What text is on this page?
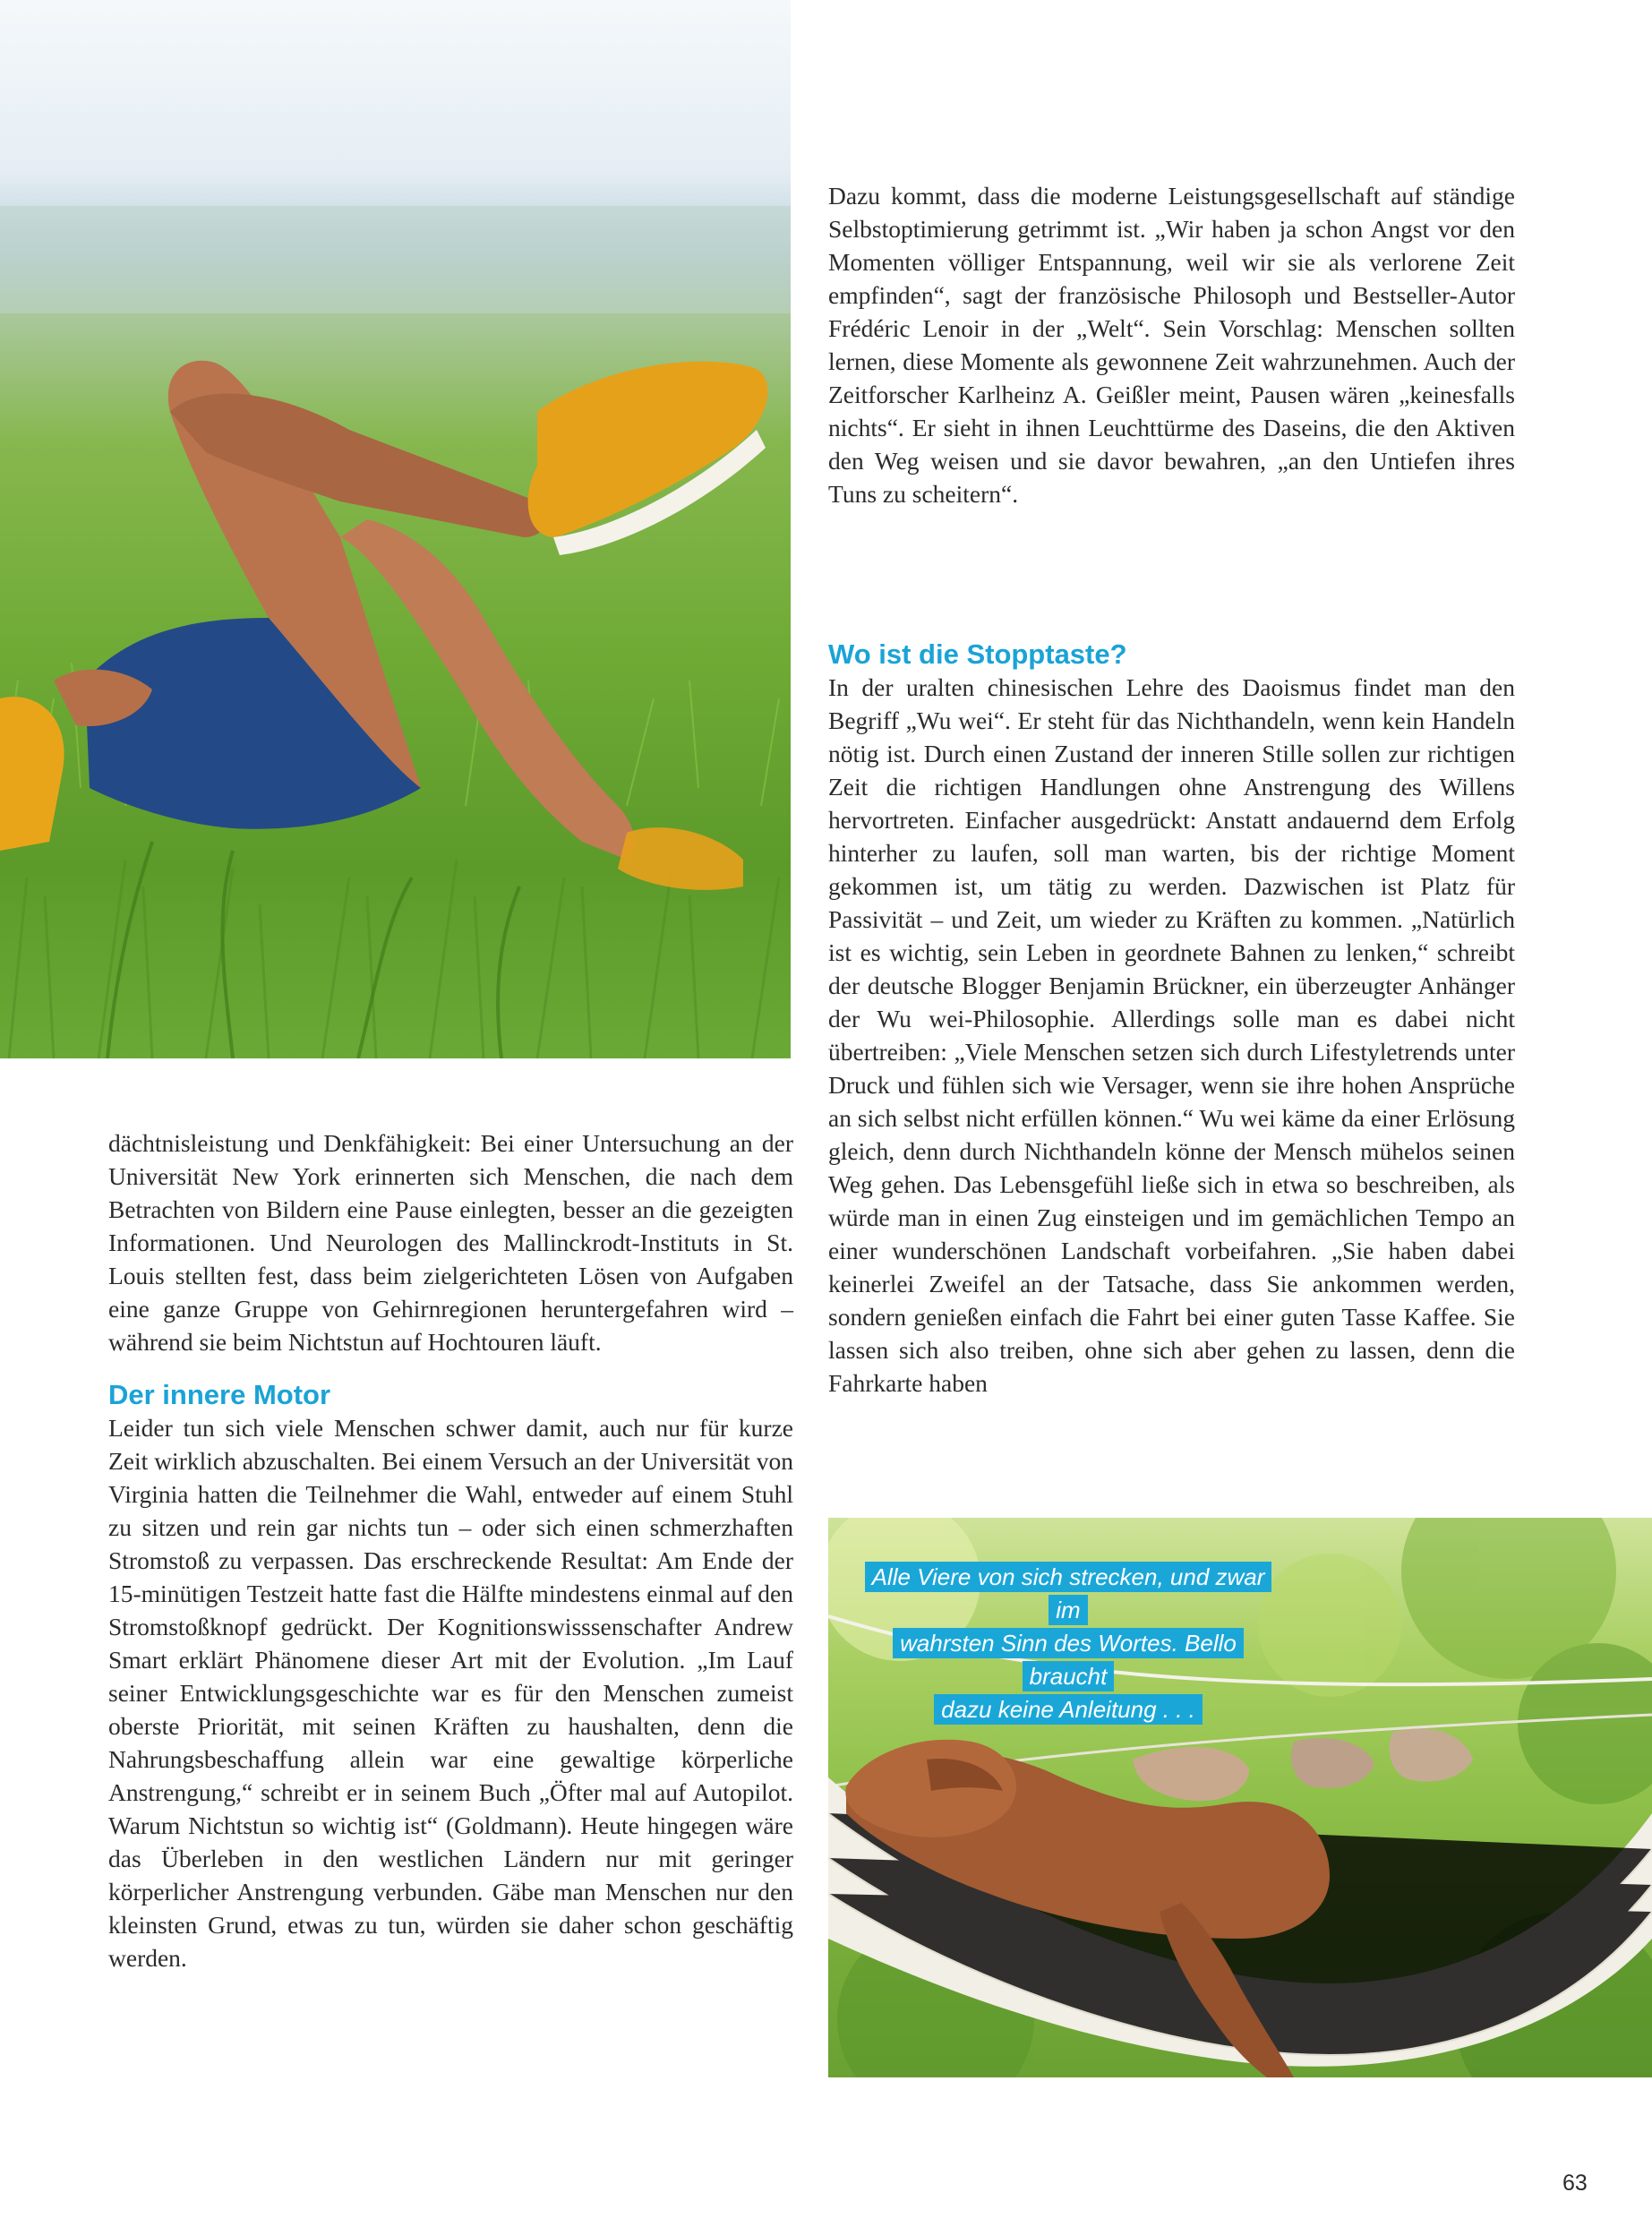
Dazu kommt, dass die moderne Leistungsgesellschaft auf ständige Selbstoptimierung getrimmt ist. „Wir haben ja schon Angst vor den Momenten völliger Entspannung, weil wir sie als verlorene Zeit empfinden“, sagt der französische Philosoph und Bestseller-Autor Frédéric Lenoir in der „Welt“. Sein Vorschlag: Menschen sollten lernen, diese Momente als gewonnene Zeit wahrzunehmen. Auch der Zeitforscher Karlheinz A. Geißler meint, Pausen wären „keinesfalls nichts“. Er sieht in ihnen Leuchttürme des Daseins, die den Aktiven den Weg weisen und sie davor bewahren, „an den Untiefen ihres Tuns zu scheitern“.

Wo ist die Stopptaste?

In der uralten chinesischen Lehre des Daoismus findet man den Begriff „Wu wei“. Er steht für das Nichthandeln, wenn kein Handeln nötig ist. Durch einen Zustand der inneren Stille sollen zur richtigen Zeit die richtigen Handlungen ohne Anstrengung des Willens hervortreten. Einfacher ausgedrückt: Anstatt andauernd dem Erfolg hinterher zu laufen, soll man warten, bis der richtige Moment gekommen ist, um tätig zu werden. Dazwischen ist Platz für Passivität – und Zeit, um wieder zu Kräften zu kommen. „Natürlich ist es wichtig, sein Leben in geordnete Bahnen zu lenken,“ schreibt der deutsche Blogger Benjamin Brückner, ein überzeugter Anhänger der Wu wei-Philosophie. Allerdings solle man es dabei nicht übertreiben: „Viele Menschen setzen sich durch Lifestyletrends unter Druck und fühlen sich wie Versager, wenn sie ihre hohen Ansprüche an sich selbst nicht erfüllen können.“ Wu wei käme da einer Erlösung gleich, denn durch Nichthandeln könne der Mensch mühelos seinen Weg gehen. Das Lebensgefühl ließe sich in etwa so beschreiben, als würde man in einen Zug einsteigen und im gemächlichen Tempo an einer wunderschönen Landschaft vorbeifahren. „Sie haben dabei keinerlei Zweifel an der Tatsache, dass Sie ankommen werden, sondern genießen einfach die Fahrt bei einer guten Tasse Kaffee. Sie lassen sich also treiben, ohne sich aber gehen zu lassen, denn die Fahrkarte haben

dächtnisleistung und Denkfähigkeit: Bei einer Untersuchung an der Universität New York erinnerten sich Menschen, die nach dem Betrachten von Bildern eine Pause einlegten, besser an die gezeigten Informationen. Und Neurologen des Mallinckrodt-Instituts in St. Louis stellten fest, dass beim zielgerichteten Lösen von Aufgaben eine ganze Gruppe von Gehirnregionen heruntergefahren wird – während sie beim Nichtstun auf Hochtouren läuft.

Der innere Motor

Leider tun sich viele Menschen schwer damit, auch nur für kurze Zeit wirklich abzuschalten. Bei einem Versuch an der Universität von Virginia hatten die Teilnehmer die Wahl, entweder auf einem Stuhl zu sitzen und rein gar nichts tun – oder sich einen schmerzhaften Stromstoß zu verpassen. Das erschreckende Resultat: Am Ende der 15-minütigen Testzeit hatte fast die Hälfte mindestens einmal auf den Stromstoßknopf gedrückt. Der Kognitionswisssenschafter Andrew Smart erklärt Phänomene dieser Art mit der Evolution. „Im Lauf seiner Entwicklungsgeschichte war es für den Menschen zumeist oberste Priorität, mit seinen Kräften zu haushalten, denn die Nahrungsbeschaffung allein war eine gewaltige körperliche Anstrengung,“ schreibt er in seinem Buch „Öfter mal auf Autopilot. Warum Nichtstun so wichtig ist“ (Goldmann). Heute hingegen wäre das Überleben in den westlichen Ländern nur mit geringer körperlicher Anstrengung verbunden. Gäbe man Menschen nur den kleinsten Grund, etwas zu tun, würden sie daher schon geschäftig werden.

Alle Viere von sich strecken, und zwar im
wahrsten Sinn des Wortes. Bello braucht
dazu keine Anleitung . . .
63
